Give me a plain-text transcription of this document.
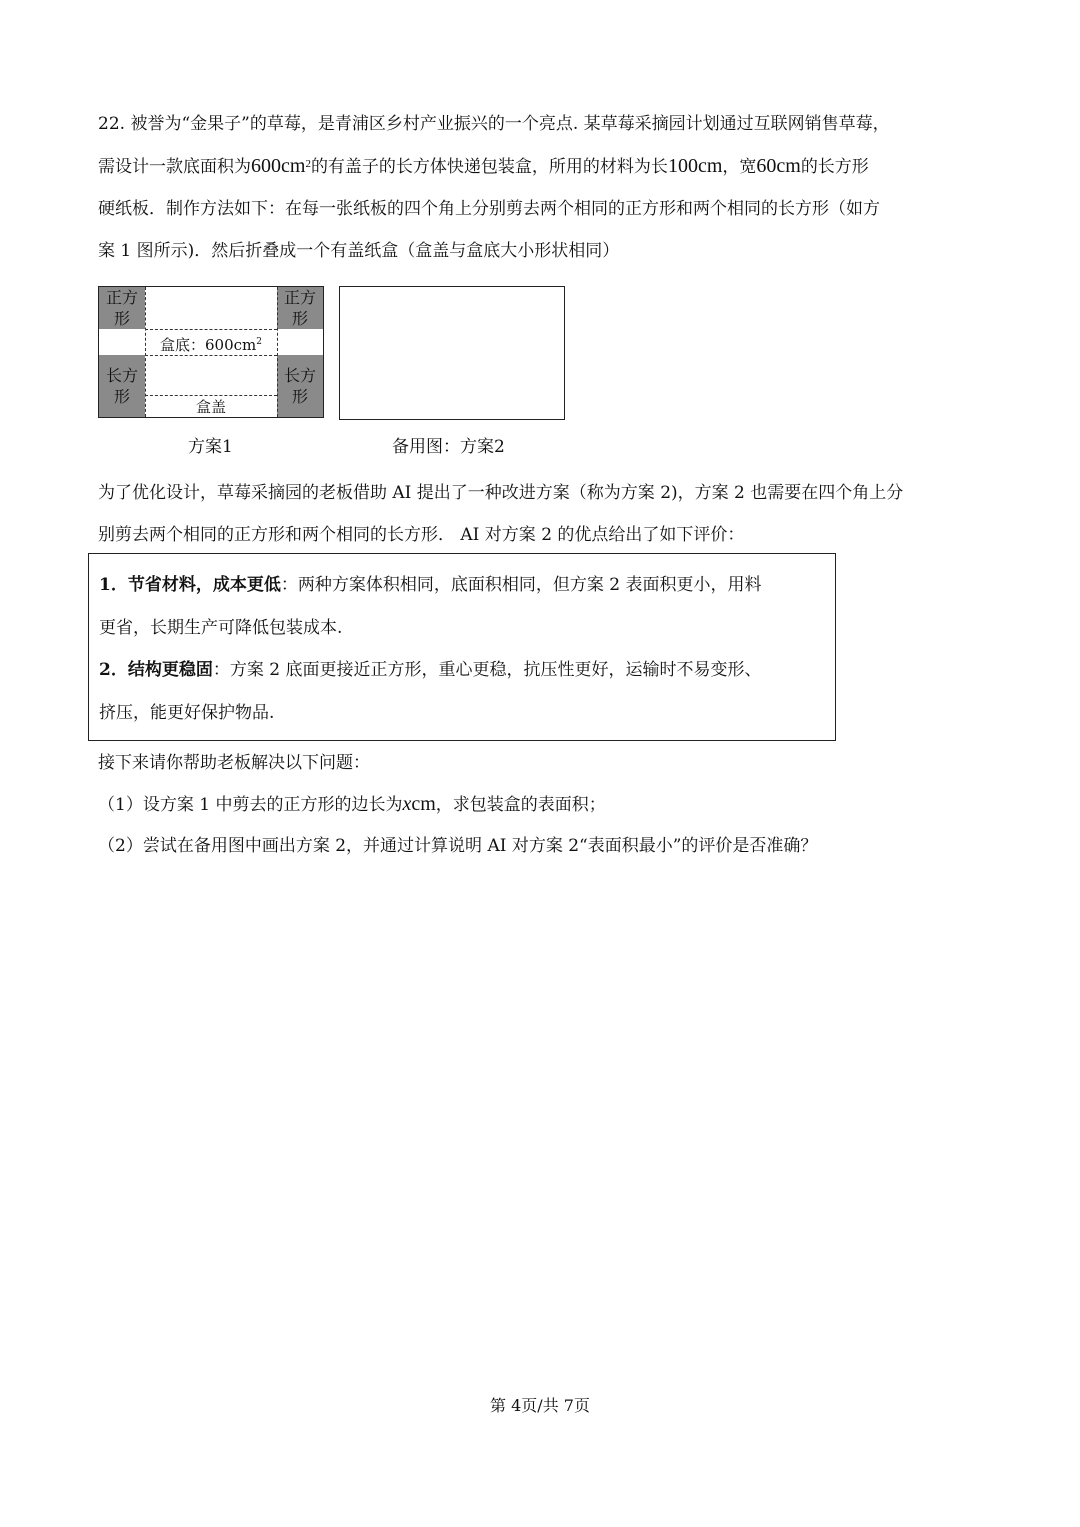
22. 被誉为“金果子”的草莓，是青浦区乡村产业振兴的一个亮点. 某草莓采摘园计划通过互联网销售草莓，
需设计一款底面积为$600cm^2$的有盖子的长方体快递包装盒，所用的材料为长100cm，宽60cm的长方形
硬纸板．制作方法如下：在每一张纸板的四个角上分别剪去两个相同的正方形和两个相同的长方形（如方
案 1 图所示)．然后折叠成一个有盖纸盒（盒盖与盒底大小形状相同）
正方
形
正方
形
长方
形
长方
形
盒底：$600cm^2$
盒盖
方案1	备用图：方案2
为了优化设计，草莓采摘园的老板借助 AI 提出了一种改进方案（称为方案 2)，方案 2 也需要在四个角上分
别剪去两个相同的正方形和两个相同的长方形． AI 对方案 2 的优点给出了如下评价：
1．节省材料，成本更低：两种方案体积相同，底面积相同，但方案 2 表面积更小，用料
更省，长期生产可降低包装成本.
2．结构更稳固：方案 2 底面更接近正方形，重心更稳，抗压性更好，运输时不易变形、
挤压，能更好保护物品.
接下来请你帮助老板解决以下问题：
（1）设方案 1 中剪去的正方形的边长为xcm，求包装盒的表面积；
（2）尝试在备用图中画出方案 2，并通过计算说明 AI 对方案 2“表面积最小”的评价是否准确？
第 4页/共 7页
